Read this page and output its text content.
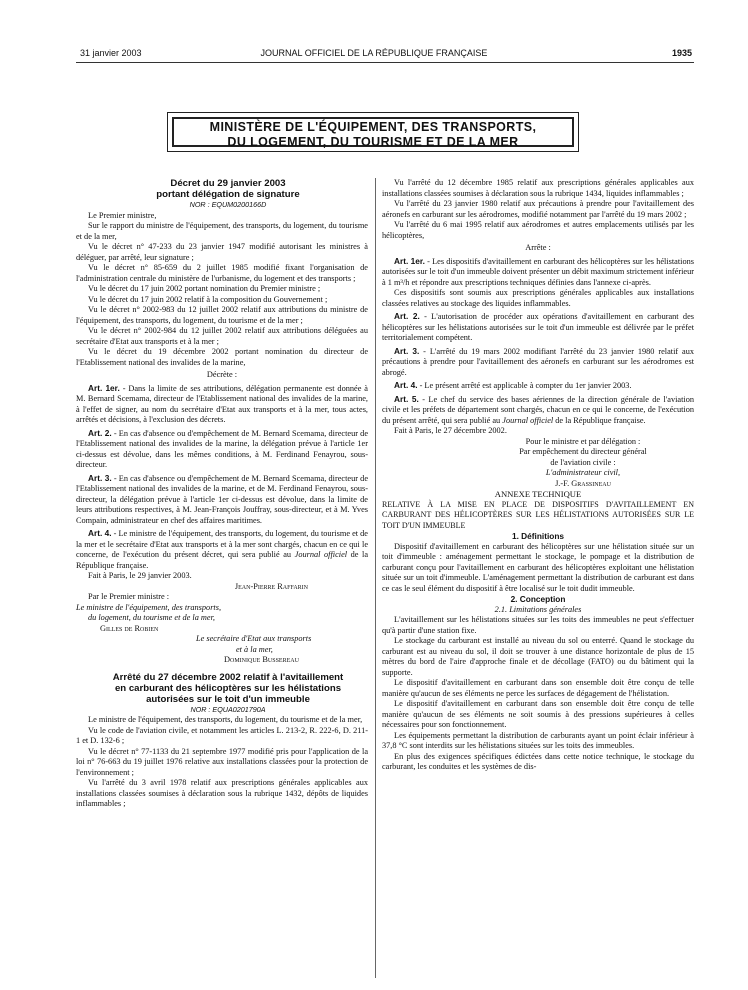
31 janvier 2003	JOURNAL OFFICIEL DE LA RÉPUBLIQUE FRANÇAISE	1935
MINISTÈRE DE L'ÉQUIPEMENT, DES TRANSPORTS,
DU LOGEMENT, DU TOURISME ET DE LA MER

Décret du 29 janvier 2003

portant délégation de signature

NOR : EQUM0200166D

Le Premier ministre,

Sur le rapport du ministre de l'équipement, des transports, du logement, du tourisme et de la mer,

Vu le décret n° 47-233 du 23 janvier 1947 modifié autorisant les ministres à déléguer, par arrêté, leur signature ;

Vu le décret n° 85-659 du 2 juillet 1985 modifié fixant l'organisation de l'administration centrale du ministère de l'urbanisme, du logement et des transports ;

Vu le décret du 17 juin 2002 portant nomination du Premier ministre ;

Vu le décret du 17 juin 2002 relatif à la composition du Gouvernement ;

Vu le décret n° 2002-983 du 12 juillet 2002 relatif aux attributions du ministre de l'équipement, des transports, du logement, du tourisme et de la mer ;

Vu le décret n° 2002-984 du 12 juillet 2002 relatif aux attributions déléguées au secrétaire d'Etat aux transports et à la mer ;

Vu le décret du 19 décembre 2002 portant nomination du directeur de l'Etablissement national des invalides de la marine,

Décrète :

Art. 1er. - Dans la limite de ses attributions, délégation permanente est donnée à M. Bernard Scemama, directeur de l'Etablissement national des invalides de la marine, à l'effet de signer, au nom du secrétaire d'Etat aux transports et à la mer, tous actes, arrêtés et décisions, à l'exclusion des décrets.

Art. 2. - En cas d'absence ou d'empêchement de M. Bernard Scemama, directeur de l'Etablissement national des invalides de la marine, la délégation prévue à l'article 1er ci-dessus est dévolue, dans les mêmes conditions, à M. Ferdinand Fenayrou, sous-directeur.

Art. 3. - En cas d'absence ou d'empêchement de M. Bernard Scemama, directeur de l'Etablissement national des invalides de la marine, et de M. Ferdinand Fenayrou, sous-directeur, la délégation prévue à l'article 1er ci-dessus est dévolue, dans la limite de leurs attributions respectives, à M. Jean-François Jouffray, sous-directeur, et à M. Yves Compain, administrateur en chef des affaires maritimes.

Art. 4. - Le ministre de l'équipement, des transports, du logement, du tourisme et de la mer et le secrétaire d'Etat aux transports et à la mer sont chargés, chacun en ce qui le concerne, de l'exécution du présent décret, qui sera publié au Journal officiel de la République française.

Fait à Paris, le 29 janvier 2003.

Jean-Pierre Raffarin

Par le Premier ministre :

Le ministre de l'équipement, des transports,

du logement, du tourisme et de la mer,

Gilles de Robien

Le secrétaire d'Etat aux transports

et à la mer,

Dominique Bussereau

Arrêté du 27 décembre 2002 relatif à l'avitaillement

en carburant des hélicoptères sur les hélistations

autorisées sur le toit d'un immeuble

NOR : EQUA0201790A

Le ministre de l'équipement, des transports, du logement, du tourisme et de la mer,

Vu le code de l'aviation civile, et notamment les articles L. 213-2, R. 222-6, D. 211-1 et D. 132-6 ;

Vu le décret n° 77-1133 du 21 septembre 1977 modifié pris pour l'application de la loi n° 76-663 du 19 juillet 1976 relative aux installations classées pour la protection de l'environnement ;

Vu l'arrêté du 3 avril 1978 relatif aux prescriptions générales applicables aux installations classées soumises à déclaration sous la rubrique 1432, dépôts de liquides inflammables ;

Vu l'arrêté du 12 décembre 1985 relatif aux prescriptions générales applicables aux installations classées soumises à déclaration sous la rubrique 1434, liquides inflammables ;

Vu l'arrêté du 23 janvier 1980 relatif aux précautions à prendre pour l'avitaillement des aéronefs en carburant sur les aérodromes, modifié notamment par l'arrêté du 19 mars 2002 ;

Vu l'arrêté du 6 mai 1995 relatif aux aérodromes et autres emplacements utilisés par les hélicoptères,

Arrête :

Art. 1er. - Les dispositifs d'avitaillement en carburant des hélicoptères sur les hélistations autorisées sur le toit d'un immeuble doivent présenter un débit maximum strictement inférieur à 1 m³/h et répondre aux prescriptions techniques définies dans l'annexe ci-après.

Ces dispositifs sont soumis aux prescriptions générales applicables aux installations classées relatives au stockage des liquides inflammables.

Art. 2. - L'autorisation de procéder aux opérations d'avitaillement en carburant des hélicoptères sur les hélistations autorisées sur le toit d'un immeuble est délivrée par le préfet territorialement compétent.

Art. 3. - L'arrêté du 19 mars 2002 modifiant l'arrêté du 23 janvier 1980 relatif aux précautions à prendre pour l'avitaillement des aéronefs en carburant sur les aérodromes est abrogé.

Art. 4. - Le présent arrêté est applicable à compter du 1er janvier 2003.

Art. 5. - Le chef du service des bases aériennes de la direction générale de l'aviation civile et les préfets de département sont chargés, chacun en ce qui le concerne, de l'exécution du présent arrêté, qui sera publié au Journal officiel de la République française.

Fait à Paris, le 27 décembre 2002.

Pour le ministre et par délégation :

Par empêchement du directeur général

de l'aviation civile :

L'administrateur civil,

J.-F. Grassineau

ANNEXE TECHNIQUE

RELATIVE À LA MISE EN PLACE DE DISPOSITIFS D'AVITAILLEMENT EN CARBURANT DES HÉLICOPTÈRES SUR LES HÉLISTATIONS AUTORISÉES SUR LE TOIT D'UN IMMEUBLE

1. Définitions

Dispositif d'avitaillement en carburant des hélicoptères sur une hélistation située sur un toit d'immeuble : aménagement permettant le stockage, le pompage et la distribution de carburant conçu pour l'avitaillement en carburant des hélicoptères exploitant une hélistation située sur un toit d'immeuble. L'aménagement permettant la distribution de carburant est dans ce cas le seul élément du dispositif à être localisé sur le toit dudit immeuble.

2. Conception

2.1. Limitations générales

L'avitaillement sur les hélistations situées sur les toits des immeubles ne peut s'effectuer qu'à partir d'une station fixe.

Le stockage du carburant est installé au niveau du sol ou enterré. Quand le stockage du carburant est au niveau du sol, il doit se trouver à une distance horizontale de plus de 15 mètres du bord de l'aire d'approche finale et de décollage (FATO) ou du bâtiment qui la supporte.

Le dispositif d'avitaillement en carburant dans son ensemble doit être conçu de telle manière qu'aucun de ses éléments ne perce les surfaces de dégagement de l'hélistation.

Le dispositif d'avitaillement en carburant dans son ensemble doit être conçu de telle manière qu'aucun de ses éléments ne soit soumis à des pressions supérieures à celles nécessaires pour son fonctionnement.

Les équipements permettant la distribution de carburants ayant un point éclair inférieur à 37,8 °C sont interdits sur les hélistations situées sur les toits des immeubles.

En plus des exigences spécifiques édictées dans cette notice technique, le stockage du carburant, les conduites et les systèmes de dis-
